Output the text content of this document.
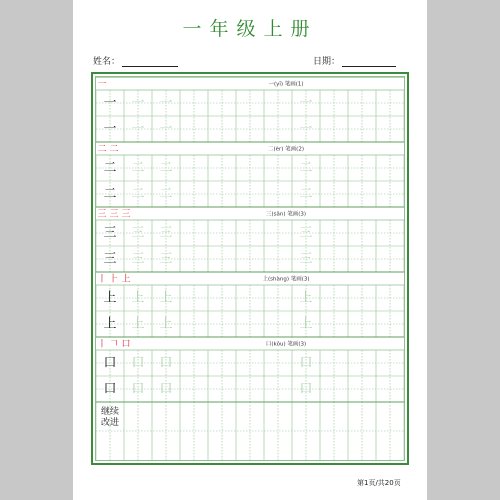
一年级上册
姓名：	日期：
一	一(yī) 笔画(1)
一 一 一	一
一 一 一	一
二 二	二(èr) 笔画(2)
二 二 二	二
二 二 二	二
三 三 三	三(sān) 笔画(3)
三 三 三	三
三 三 三	三
丨 ⺊ 上	上(shàng) 笔画(3)
上 上 上	上
上 上 上	上
丨 𠃍 口	口(kǒu) 笔画(3)
口 口 口	口
口 口 口	口
继续
改进
第1页/共20页
